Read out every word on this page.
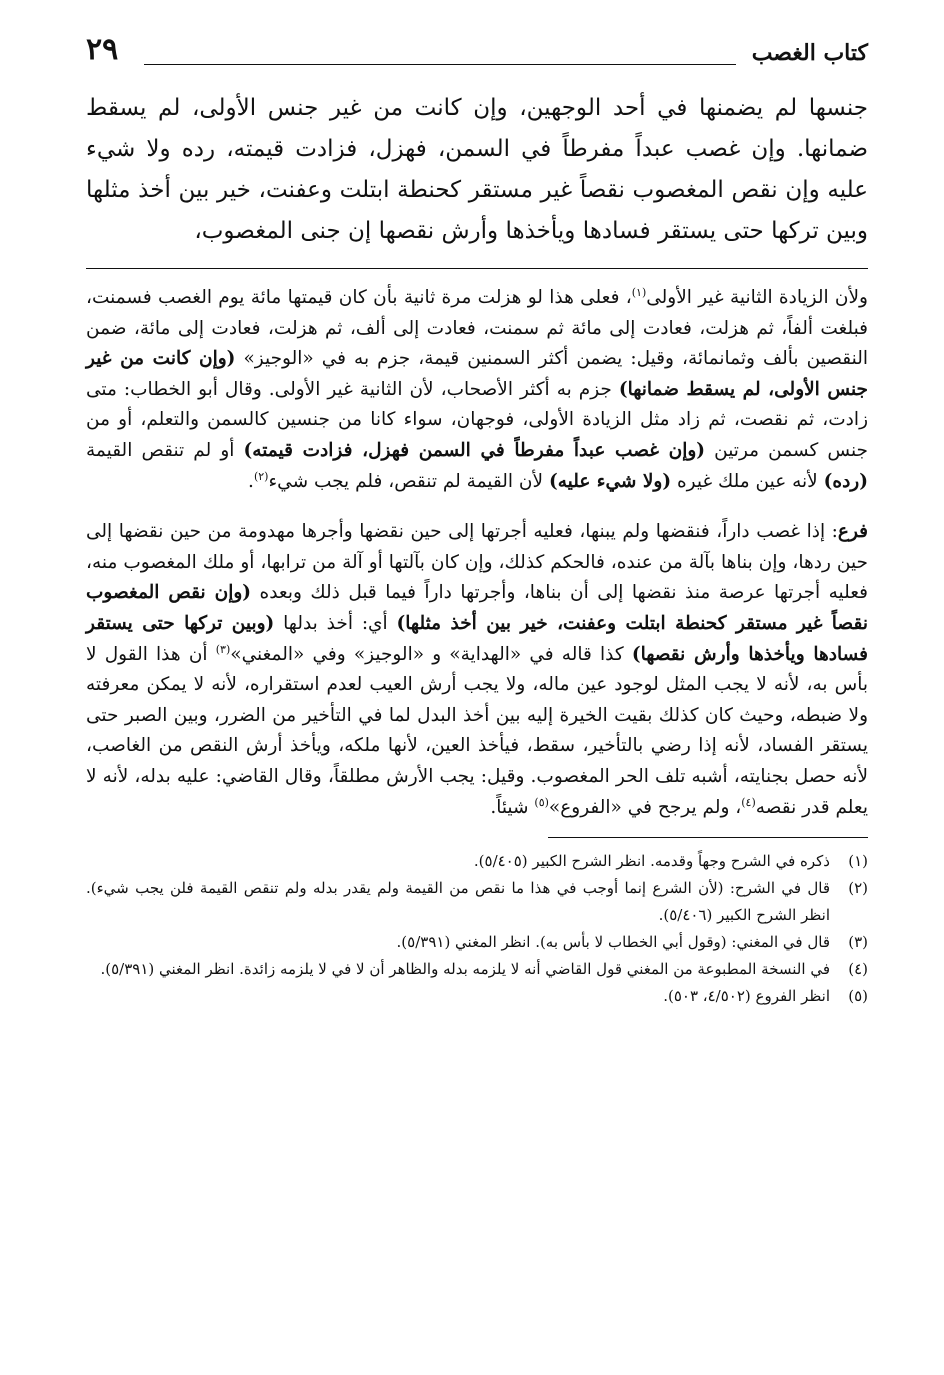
كتاب الغصب
٢٩
جنسها لم يضمنها في أحد الوجهين، وإن كانت من غير جنس الأولى، لم يسقط ضمانها. وإن غصب عبداً مفرطاً في السمن، فهزل، فزادت قيمته، رده ولا شيء عليه وإن نقص المغصوب نقصاً غير مستقر كحنطة ابتلت وعفنت، خير بين أخذ مثلها وبين تركها حتى يستقر فسادها ويأخذها وأرش نقصها إن جنى المغصوب،

ولأن الزيادة الثانية غير الأولى$^{(١)}$، فعلى هذا لو هزلت مرة ثانية بأن كان قيمتها مائة يوم الغصب فسمنت، فبلغت ألفاً، ثم هزلت، فعادت إلى مائة ثم سمنت، فعادت إلى ألف، ثم هزلت، فعادت إلى مائة، ضمن النقصين بألف وثمانمائة، وقيل: يضمن أكثر السمنين قيمة، جزم به في «الوجيز» (وإن كانت من غير جنس الأولى، لم يسقط ضمانها) جزم به أكثر الأصحاب، لأن الثانية غير الأولى. وقال أبو الخطاب: متى زادت، ثم نقصت، ثم زاد مثل الزيادة الأولى، فوجهان، سواء كانا من جنسين كالسمن والتعلم، أو من جنس كسمن مرتين (وإن غصب عبداً مفرطاً في السمن فهزل، فزادت قيمته) أو لم تنقص القيمة (رده) لأنه عين ملك غيره (ولا شيء عليه) لأن القيمة لم تنقص، فلم يجب شيء$^{(٢)}$.

فرع: إذا غصب داراً، فنقضها ولم يبنها، فعليه أجرتها إلى حين نقضها وأجرها مهدومة من حين نقضها إلى حين ردها، وإن بناها بآلة من عنده، فالحكم كذلك، وإن كان بآلتها أو آلة من ترابها، أو ملك المغصوب منه، فعليه أجرتها عرصة منذ نقضها إلى أن بناها، وأجرتها داراً فيما قبل ذلك وبعده (وإن نقص المغصوب نقصاً غير مستقر كحنطة ابتلت وعفنت، خير بين أخذ مثلها) أي: أخذ بدلها (وبين تركها حتى يستقر فسادها ويأخذها وأرش نقصها) كذا قاله في «الهداية» و «الوجيز» وفي «المغني»$^{(٣)}$ أن هذا القول لا بأس به، لأنه لا يجب المثل لوجود عين ماله، ولا يجب أرش العيب لعدم استقراره، لأنه لا يمكن معرفته ولا ضبطه، وحيث كان كذلك بقيت الخيرة إليه بين أخذ البدل لما في التأخير من الضرر، وبين الصبر حتى يستقر الفساد، لأنه إذا رضي بالتأخير، سقط، فيأخذ العين، لأنها ملكه، ويأخذ أرش النقص من الغاصب، لأنه حصل بجنايته، أشبه تلف الحر المغصوب. وقيل: يجب الأرش مطلقاً، وقال القاضي: عليه بدله، لأنه لا يعلم قدر نقصه$^{(٤)}$، ولم يرجح في «الفروع»$^{(٥)}$ شيئاً.

(١)
ذكره في الشرح وجهاً وقدمه. انظر الشرح الكبير (٥/٤٠٥).
(٢)
قال في الشرح: (لأن الشرع إنما أوجب في هذا ما نقص من القيمة ولم يقدر بدله ولم تنقص القيمة فلن يجب شيء). انظر الشرح الكبير (٥/٤٠٦).
(٣)
قال في المغني: (وقول أبي الخطاب لا بأس به). انظر المغني (٥/٣٩١).
(٤)
في النسخة المطبوعة من المغني قول القاضي أنه لا يلزمه بدله والظاهر أن لا في لا يلزمه زائدة. انظر المغني (٥/٣٩١).
(٥)
انظر الفروع (٤/٥٠٢، ٥٠٣).
